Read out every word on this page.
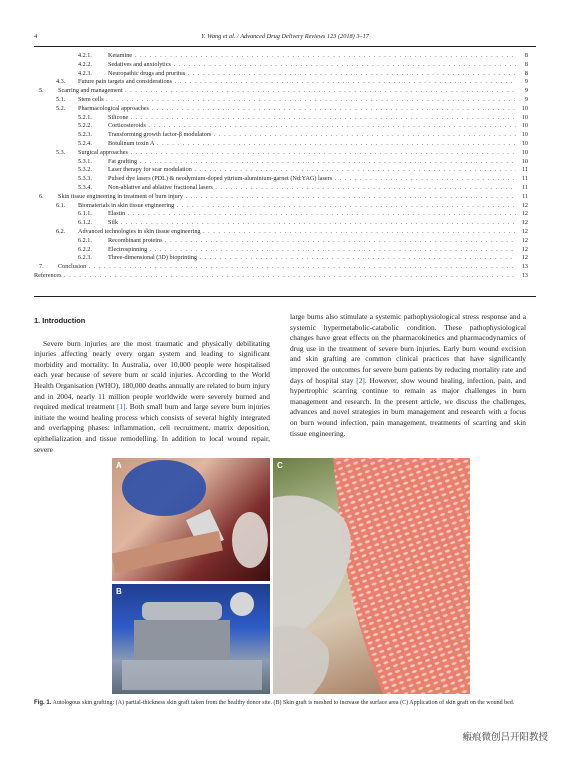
4	Y. Wang et al. / Advanced Drug Delivery Reviews 123 (2018) 3–17
4.2.1.	Ketamine . . .	8
4.2.2.	Sedatives and anxiolytics . . .	8
4.2.3.	Neuropathic drugs and pruritus . . .	8
4.3. Future pain targets and considerations . . .	9
5. Scarring and management . . .	9
5.1. Stem cells . . .	9
5.2. Pharmacological approaches . . .	10
5.2.1.	Silicone . . .	10
5.2.2.	Corticosteroids . . .	10
5.2.3.	Transforming growth factor-β modulators . . .	10
5.2.4.	Botulinum toxin A . . .	10
5.3. Surgical approaches . . .	10
5.3.1.	Fat grafting . . .	10
5.3.2.	Laser therapy for scar modulation . . .	11
5.3.3.	Pulsed dye lasers (PDL) & neodymium-doped yttrium-aluminium-garnet (Nd:YAG) lasers . . .	11
5.3.4.	Non-ablative and ablative fractional lasers . . .	11
6. Skin tissue engineering in treatment of burn injury . . .	11
6.1. Biomaterials in skin tissue engineering . . .	12
6.1.1.	Elastin . . .	12
6.1.2.	Silk . . .	12
6.2. Advanced technologies in skin tissue engineering . . .	12
6.2.1.	Recombinant proteins . . .	12
6.2.2.	Electrospinning . . .	12
6.2.3.	Three-dimensional (3D) bioprinting . . .	12
7. Conclusion . . .	13
References . . .	13
1. Introduction

Severe burn injuries are the most traumatic and physically debilitating injuries affecting nearly every organ system and leading to significant morbidity and mortality. In Australia, over 10,000 people were hospitalised each year because of severe burn or scald injuries. According to the World Health Organisation (WHO), 180,000 deaths annually are related to burn injury and in 2004, nearly 11 million people worldwide were severely burned and required medical treatment [1]. Both small burn and large severe burn injuries initiate the wound healing process which consists of several highly integrated and overlapping phases: inflammation, cell recruitment, matrix deposition, epithelialization and tissue remodelling. In addition to local wound repair, severe

large burns also stimulate a systemic pathophysiological stress response and a systemic hypermetabolic-catabolic condition. These pathophysiological changes have great effects on the pharmacokinetics and pharmacodynamics of drug use in the treatment of severe burn injuries. Early burn wound excision and skin grafting are common clinical practices that have significantly improved the outcomes for severe burn patients by reducing mortality rate and days of hospital stay [2]. However, slow wound healing, infection, pain, and hypertrophic scarring continue to remain as major challenges in burn management and research. In the present article, we discuss the challenges, advances and novel strategies in burn management and research with a focus on burn wound infection, pain management, treatments of scarring and skin tissue engineering.

A
B
C
Fig. 1. Autologous skin grafting: (A) partial-thickness skin graft taken from the healthy donor site. (B) Skin graft is meshed to increase the surface area (C) Application of skin graft on the wound bed.
瘢痕微创吕开阳教授
